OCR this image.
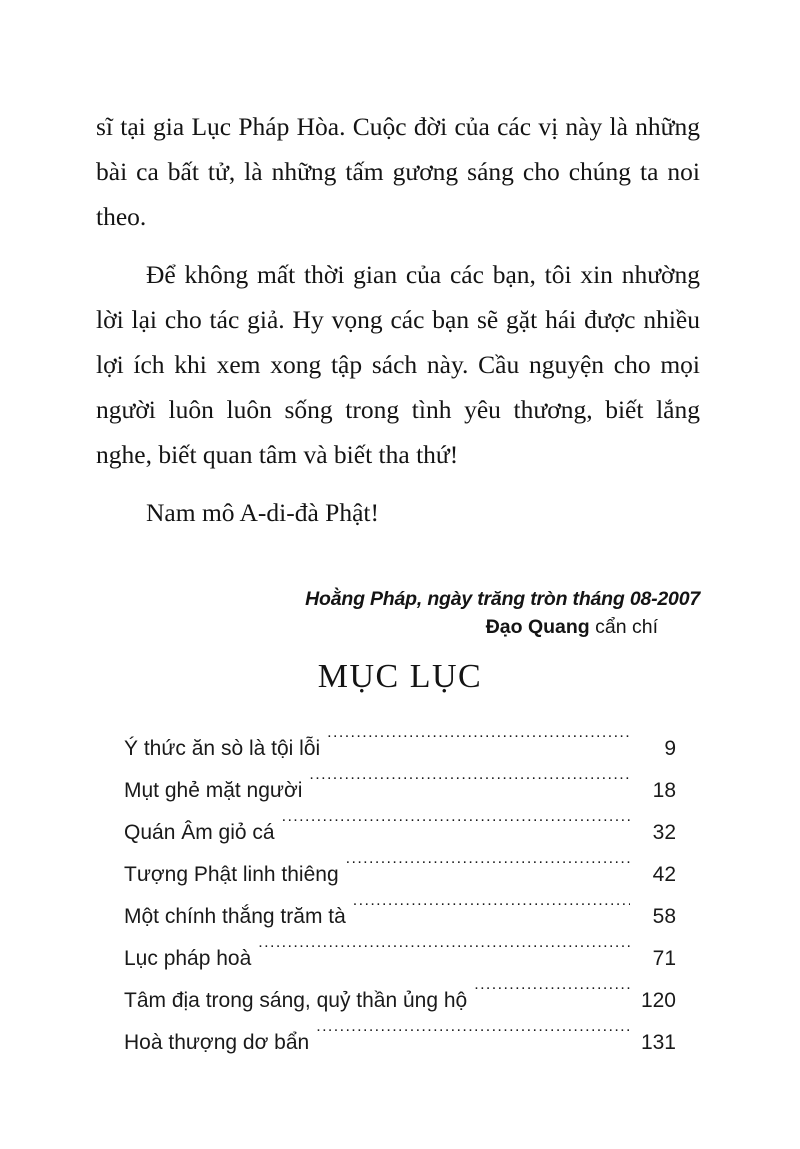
sĩ tại gia Lục Pháp Hòa. Cuộc đời của các vị này là những bài ca bất tử, là những tấm gương sáng cho chúng ta noi theo.

Để không mất thời gian của các bạn, tôi xin nhường lời lại cho tác giả. Hy vọng các bạn sẽ gặt hái được nhiều lợi ích khi xem xong tập sách này. Cầu nguyện cho mọi người luôn luôn sống trong tình yêu thương, biết lắng nghe, biết quan tâm và biết tha thứ!

Nam mô A-di-đà Phật!

Hoằng Pháp, ngày trăng tròn tháng 08-2007
Đạo Quang cẩn chí
MỤC LỤC
Ý thức ăn sò là tội lỗi .....	9
Mụt ghẻ mặt người .....	18
Quán Âm giỏ cá .....	32
Tượng Phật linh thiêng .....	42
Một chính thắng trăm tà .....	58
Lục pháp hoà .....	71
Tâm địa trong sáng, quỷ thần ủng hộ .....	120
Hoà thượng dơ bẩn .....	131
